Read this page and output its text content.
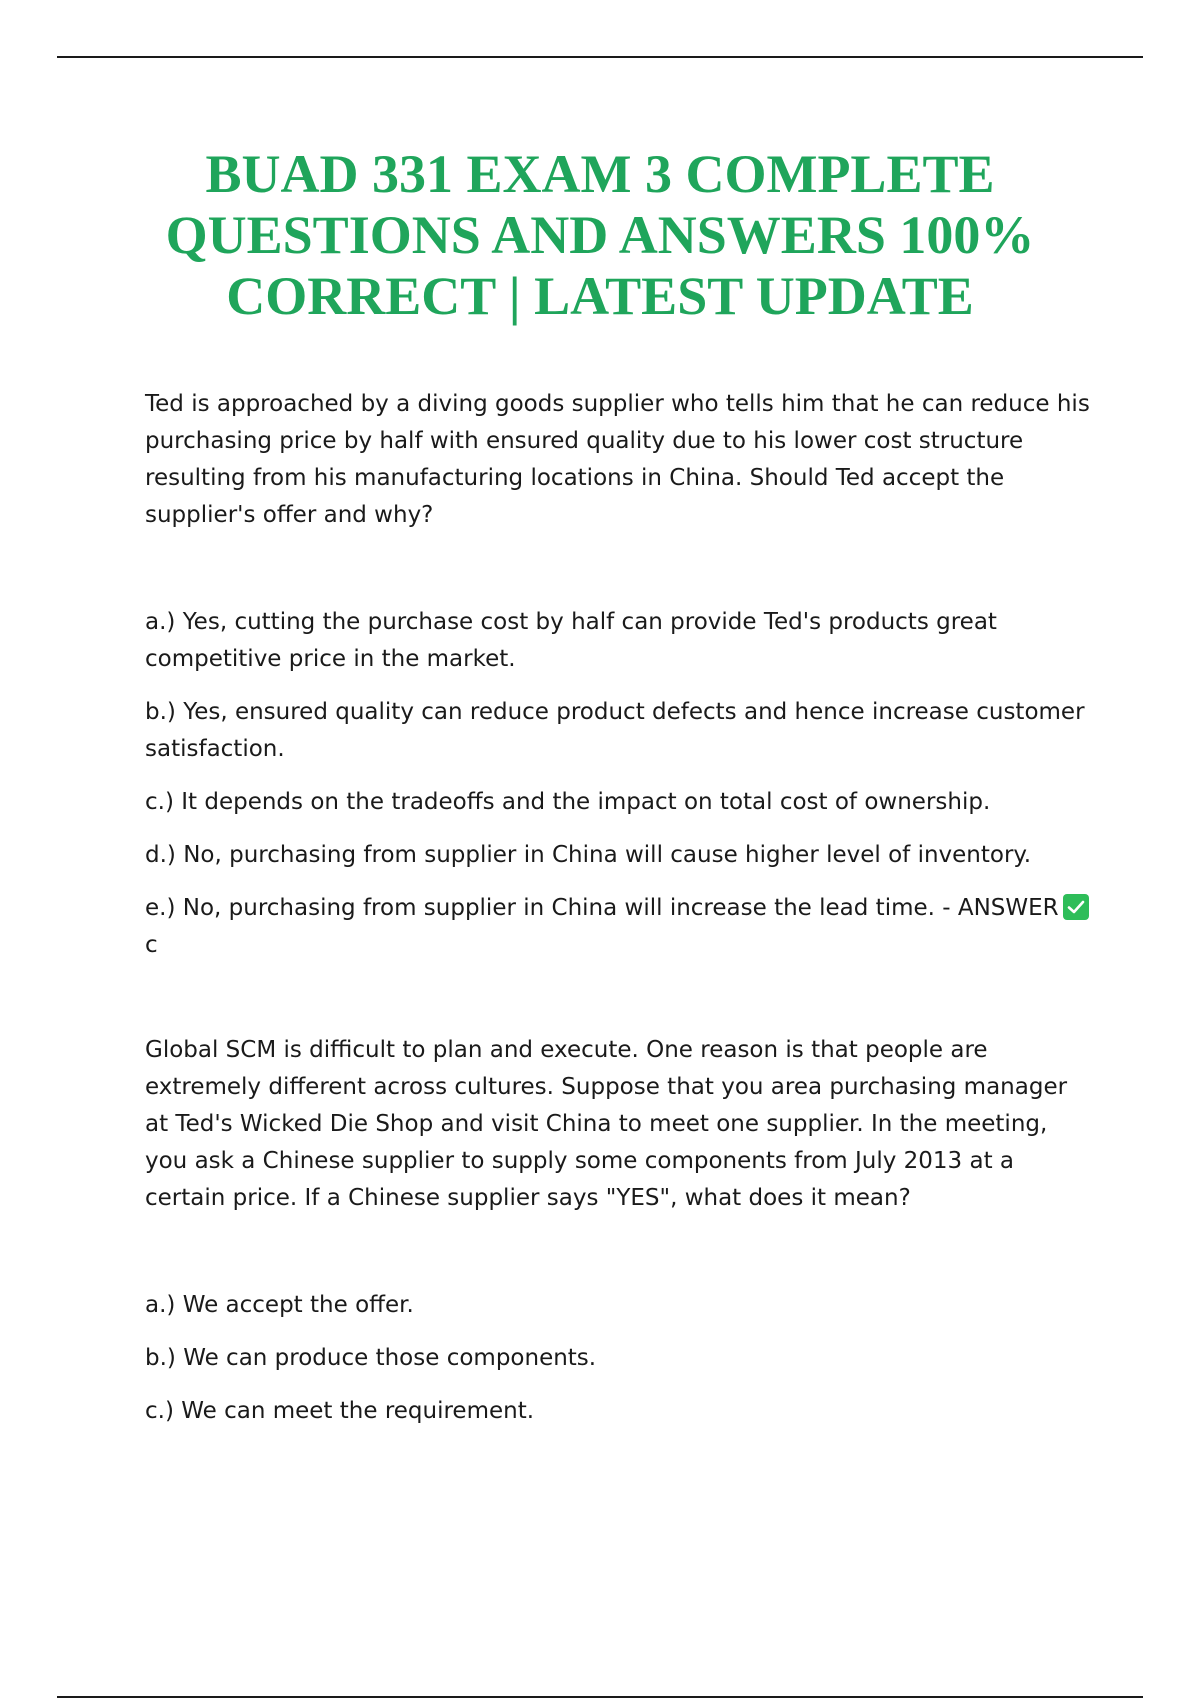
BUAD 331 EXAM 3 COMPLETE QUESTIONS AND ANSWERS 100% CORRECT | LATEST UPDATE

Ted is approached by a diving goods supplier who tells him that he can reduce his purchasing price by half with ensured quality due to his lower cost structure resulting from his manufacturing locations in China. Should Ted accept the supplier's offer and why?

a.) Yes, cutting the purchase cost by half can provide Ted's products great competitive price in the market.

b.) Yes, ensured quality can reduce product defects and hence increase customer satisfaction.

c.) It depends on the tradeoffs and the impact on total cost of ownership.

d.) No, purchasing from supplier in China will cause higher level of inventory.

e.) No, purchasing from supplier in China will increase the lead time. - ANSWER

c

Global SCM is difficult to plan and execute. One reason is that people are extremely different across cultures. Suppose that you area purchasing manager at Ted's Wicked Die Shop and visit China to meet one supplier. In the meeting, you ask a Chinese supplier to supply some components from July 2013 at a certain price. If a Chinese supplier says "YES", what does it mean?

a.) We accept the offer.

b.) We can produce those components.

c.) We can meet the requirement.
